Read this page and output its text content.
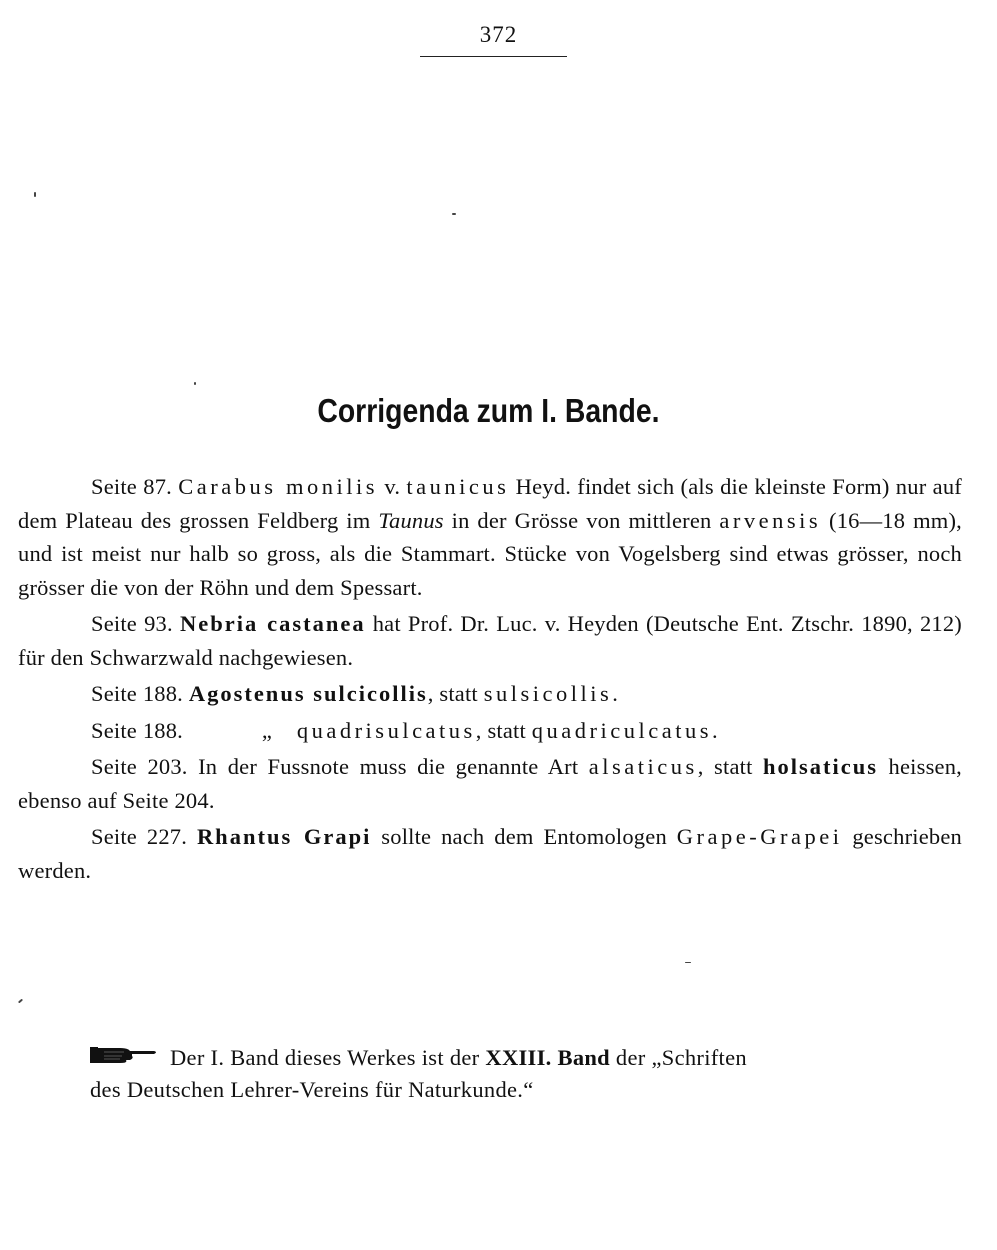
372
Corrigenda zum I. Bande.

Seite 87. Carabus monilis v. taunicus Heyd. findet sich (als die kleinste Form) nur auf dem Plateau des grossen Feldberg im Taunus in der Grösse von mittleren arvensis (16—18 mm), und ist meist nur halb so gross, als die Stammart. Stücke von Vogelsberg sind etwas grösser, noch grösser die von der Röhn und dem Spessart.

Seite 93. Nebria castanea hat Prof. Dr. Luc. v. Heyden (Deutsche Ent. Ztschr. 1890, 212) für den Schwarzwald nachgewiesen.

Seite 188. Agostenus sulcicollis, statt sulsicollis.

Seite 188.	„ quadrisulcatus, statt quadriculcatus.

Seite 203. In der Fussnote muss die genannte Art alsaticus, statt holsaticus heissen, ebenso auf Seite 204.

Seite 227. Rhantus Grapi sollte nach dem Entomologen Grape-Grapei geschrieben werden.

Der I. Band dieses Werkes ist der XXIII. Band der „Schriften
des Deutschen Lehrer-Vereins für Naturkunde.“
